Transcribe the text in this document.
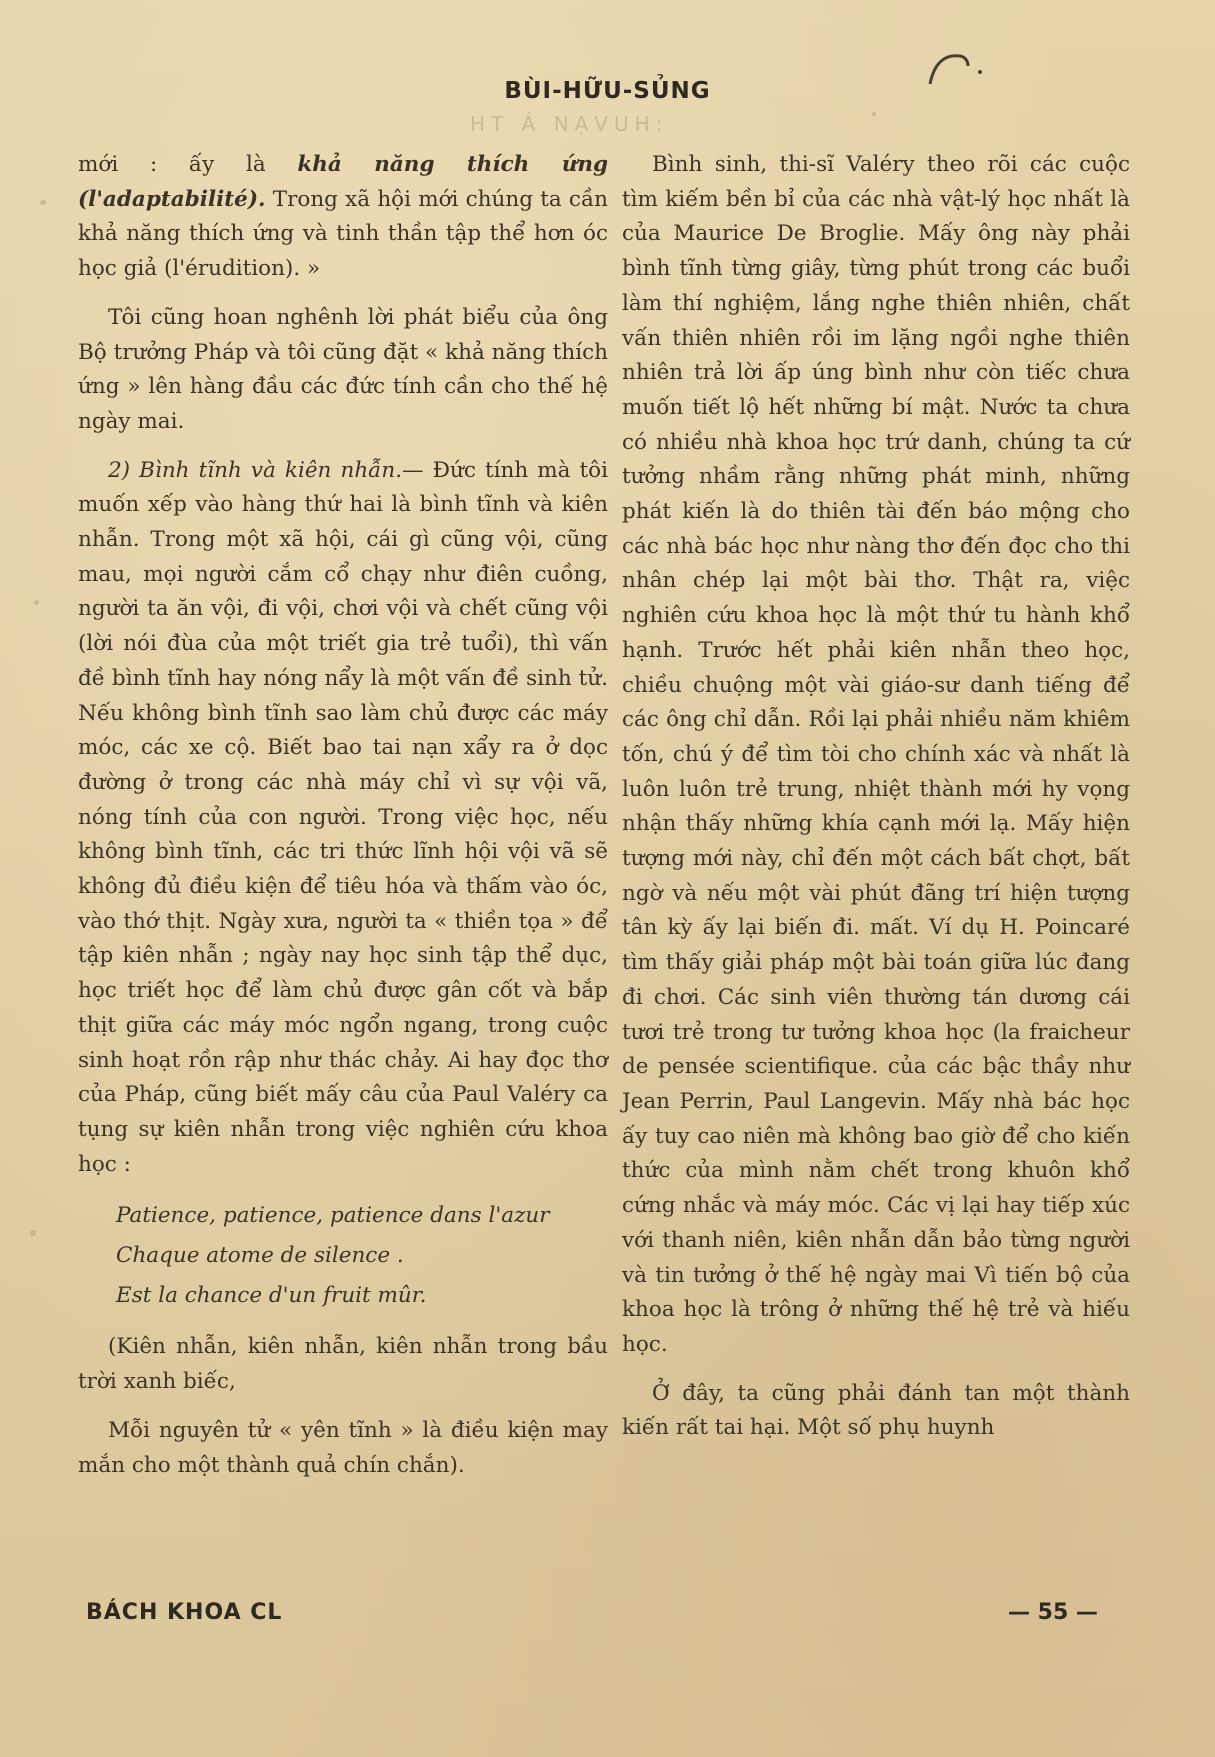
BÙI-HỮU-SỦNG
HT Á NẠVUH:

mới : ấy là khả năng thích ứng (l'adaptabilité). Trong xã hội mới chúng ta cần khả năng thích ứng và tinh thần tập thể hơn óc học giả (l'érudition). »

Tôi cũng hoan nghênh lời phát biểu của ông Bộ trưởng Pháp và tôi cũng đặt « khả năng thích ứng » lên hàng đầu các đức tính cần cho thế hệ ngày mai.

2) Bình tĩnh và kiên nhẫn.— Đức tính mà tôi muốn xếp vào hàng thứ hai là bình tĩnh và kiên nhẫn. Trong một xã hội, cái gì cũng vội, cũng mau, mọi người cắm cổ chạy như điên cuồng, người ta ăn vội, đi vội, chơi vội và chết cũng vội (lời nói đùa của một triết gia trẻ tuổi), thì vấn đề bình tĩnh hay nóng nẩy là một vấn đề sinh tử. Nếu không bình tĩnh sao làm chủ được các máy móc, các xe cộ. Biết bao tai nạn xẩy ra ở dọc đường ở trong các nhà máy chỉ vì sự vội vã, nóng tính của con người. Trong việc học, nếu không bình tĩnh, các tri thức lĩnh hội vội vã sẽ không đủ điều kiện để tiêu hóa và thấm vào óc, vào thớ thịt. Ngày xưa, người ta « thiền tọa » để tập kiên nhẫn ; ngày nay học sinh tập thể dục, học triết học để làm chủ được gân cốt và bắp thịt giữa các máy móc ngổn ngang, trong cuộc sinh hoạt rồn rập như thác chảy. Ai hay đọc thơ của Pháp, cũng biết mấy câu của Paul Valéry ca tụng sự kiên nhẫn trong việc nghiên cứu khoa học :

Patience, patience, patience dans l'azur
Chaque atome de silence .
Est la chance d'un fruit mûr.

(Kiên nhẫn, kiên nhẫn, kiên nhẫn trong bầu trời xanh biếc,

Mỗi nguyên tử « yên tĩnh » là điều kiện may mắn cho một thành quả chín chắn).

Bình sinh, thi-sĩ Valéry theo rõi các cuộc tìm kiếm bền bỉ của các nhà vật-lý học nhất là của Maurice De Broglie. Mấy ông này phải bình tĩnh từng giây, từng phút trong các buổi làm thí nghiệm, lắng nghe thiên nhiên, chất vấn thiên nhiên rồi im lặng ngồi nghe thiên nhiên trả lời ấp úng bình như còn tiếc chưa muốn tiết lộ hết những bí mật. Nước ta chưa có nhiều nhà khoa học trứ danh, chúng ta cứ tưởng nhầm rằng những phát minh, những phát kiến là do thiên tài đến báo mộng cho các nhà bác học như nàng thơ đến đọc cho thi nhân chép lại một bài thơ. Thật ra, việc nghiên cứu khoa học là một thứ tu hành khổ hạnh. Trước hết phải kiên nhẫn theo học, chiều chuộng một vài giáo-sư danh tiếng để các ông chỉ dẫn. Rồi lại phải nhiều năm khiêm tốn, chú ý để tìm tòi cho chính xác và nhất là luôn luôn trẻ trung, nhiệt thành mới hy vọng nhận thấy những khía cạnh mới lạ. Mấy hiện tượng mới này, chỉ đến một cách bất chợt, bất ngờ và nếu một vài phút đãng trí hiện tượng tân kỳ ấy lại biến đi. mất. Ví dụ H. Poincaré tìm thấy giải pháp một bài toán giữa lúc đang đi chơi. Các sinh viên thường tán dương cái tươi trẻ trong tư tưởng khoa học (la fraicheur de pensée scientifique. của các bậc thầy như Jean Perrin, Paul Langevin. Mấy nhà bác học ấy tuy cao niên mà không bao giờ để cho kiến thức của mình nằm chết trong khuôn khổ cứng nhắc và máy móc. Các vị lại hay tiếp xúc với thanh niên, kiên nhẫn dẫn bảo từng người và tin tưởng ở thế hệ ngày mai Vì tiến bộ của khoa học là trông ở những thế hệ trẻ và hiếu học.

Ở đây, ta cũng phải đánh tan một thành kiến rất tai hại. Một số phụ huynh

BÁCH KHOA CL	— 55 —
